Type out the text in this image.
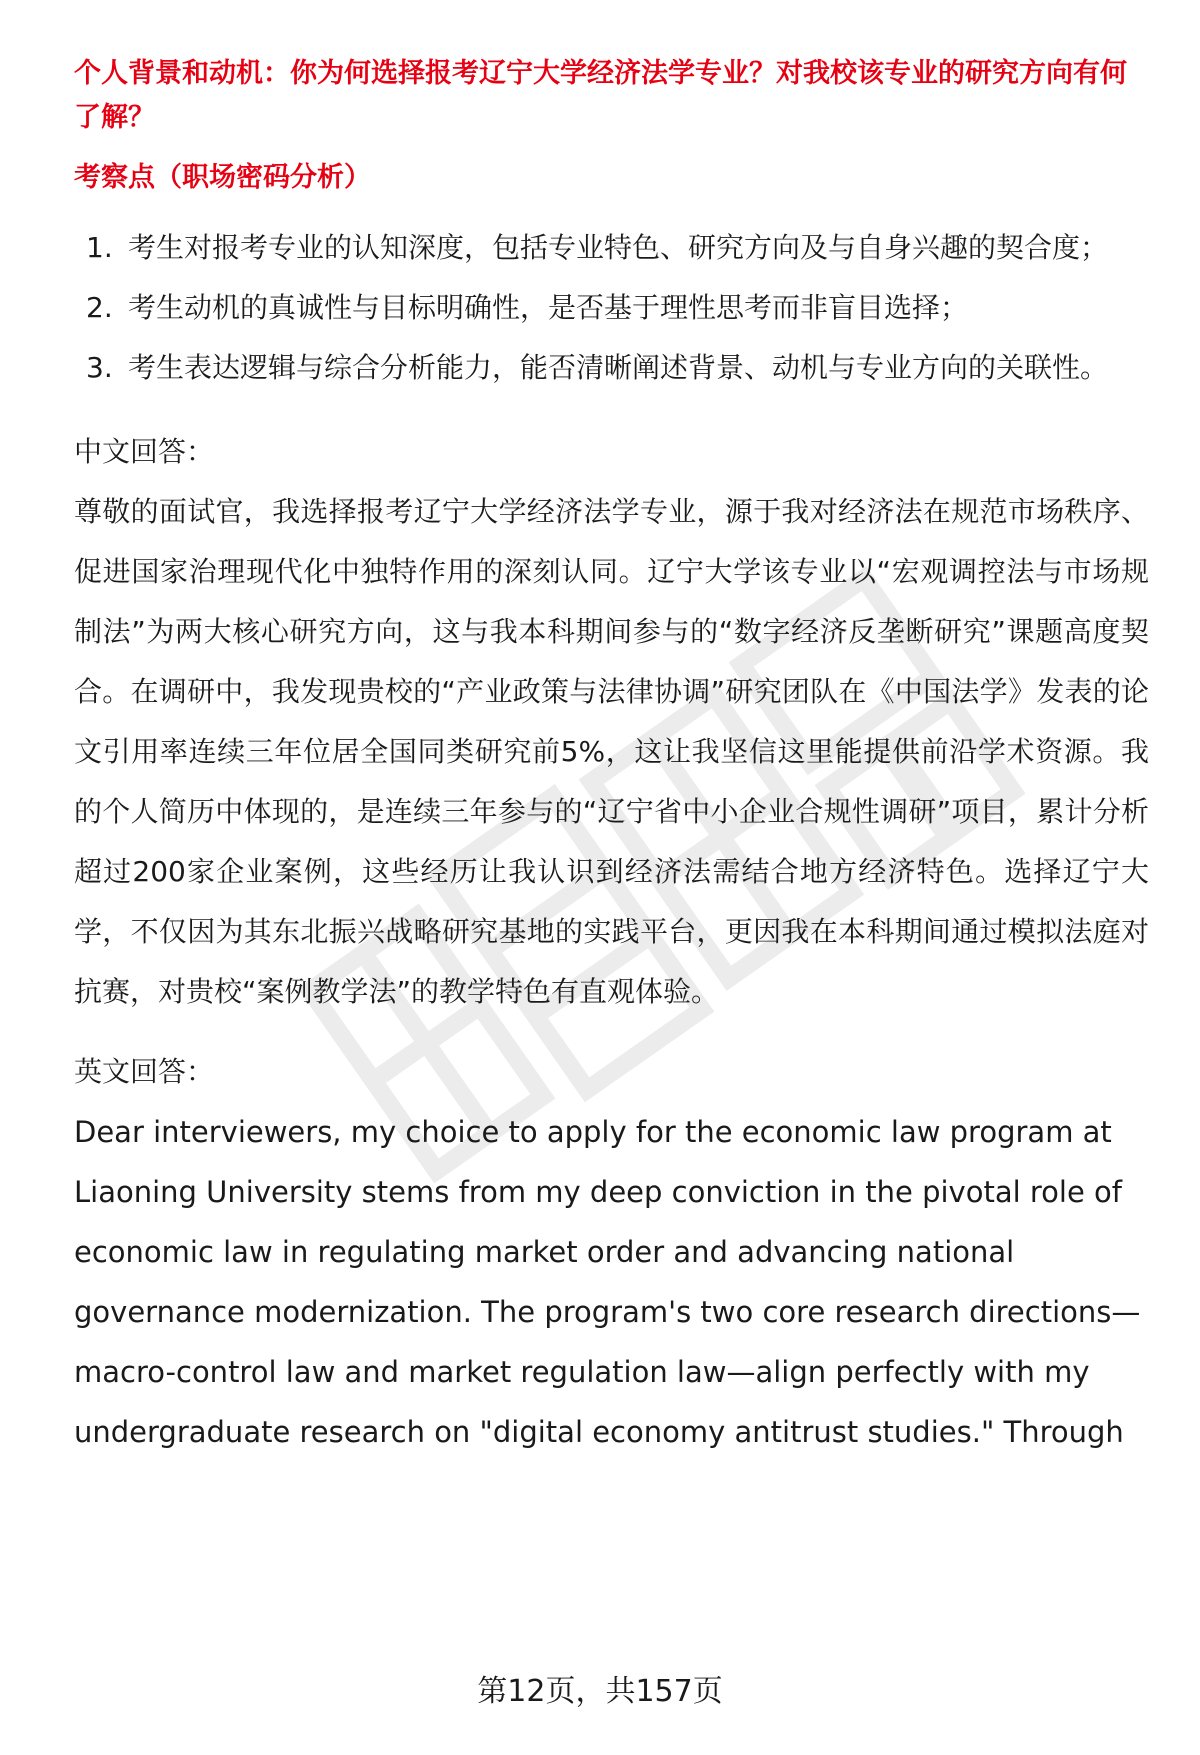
个人背景和动机：你为何选择报考辽宁大学经济法学专业？对我校该专业的研究方向有何了解？

考察点（职场密码分析）

1. 考生对报考专业的认知深度，包括专业特色、研究方向及与自身兴趣的契合度；
2. 考生动机的真诚性与目标明确性，是否基于理性思考而非盲目选择；
3. 考生表达逻辑与综合分析能力，能否清晰阐述背景、动机与专业方向的关联性。

中文回答：

尊敬的面试官，我选择报考辽宁大学经济法学专业，源于我对经济法在规范市场秩序、促进国家治理现代化中独特作用的深刻认同。辽宁大学该专业以“宏观调控法与市场规制法”为两大核心研究方向，这与我本科期间参与的“数字经济反垄断研究”课题高度契合。在调研中，我发现贵校的“产业政策与法律协调”研究团队在《中国法学》发表的论文引用率连续三年位居全国同类研究前5%，这让我坚信这里能提供前沿学术资源。我的个人简历中体现的，是连续三年参与的“辽宁省中小企业合规性调研”项目，累计分析超过200家企业案例，这些经历让我认识到经济法需结合地方经济特色。选择辽宁大学，不仅因为其东北振兴战略研究基地的实践平台，更因我在本科期间通过模拟法庭对抗赛，对贵校“案例教学法”的教学特色有直观体验。

英文回答：

Dear interviewers, my choice to apply for the economic law program at Liaoning University stems from my deep conviction in the pivotal role of economic law in regulating market order and advancing national governance modernization. The program's two core research directions—macro-control law and market regulation law—align perfectly with my undergraduate research on "digital economy antitrust studies." Through

第12页，共157页
